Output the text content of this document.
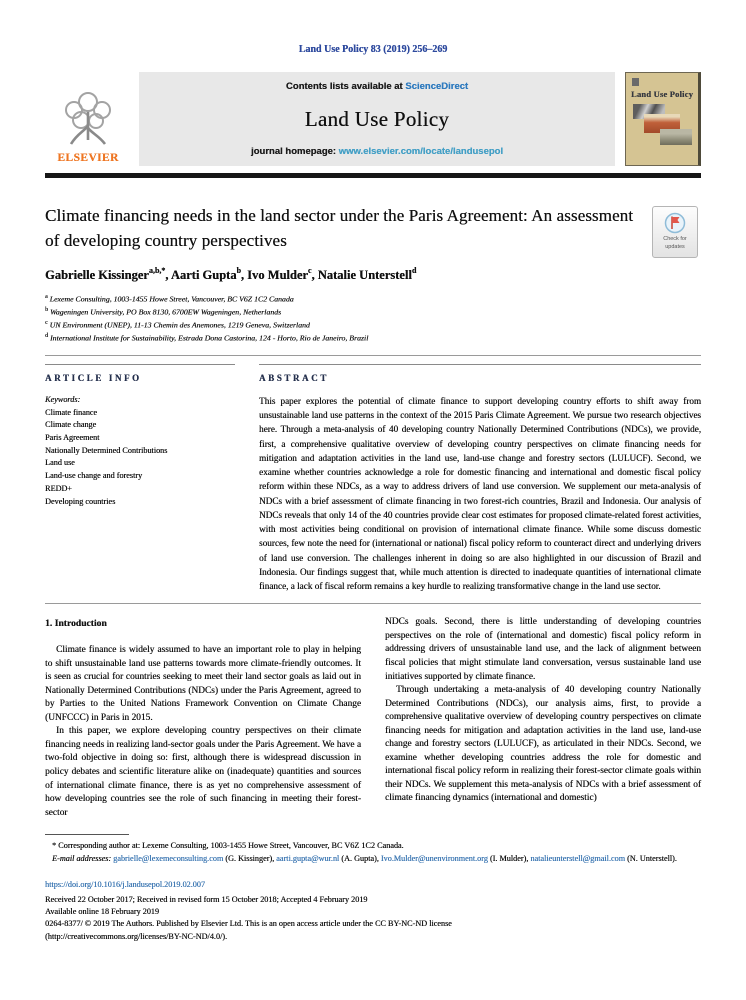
Land Use Policy 83 (2019) 256–269
ELSEVIER
Contents lists available at ScienceDirect
Land Use Policy
journal homepage: www.elsevier.com/locate/landusepol
Land Use Policy
Climate financing needs in the land sector under the Paris Agreement: An assessment of developing country perspectives	Check for updates
Gabrielle Kissinger$^{a,b,*}$, Aarti Gupta$^b$, Ivo Mulder$^c$, Natalie Unterstell$^d$
$^a$ Lexeme Consulting, 1003-1455 Howe Street, Vancouver, BC V6Z 1C2 Canada
$^b$ Wageningen University, PO Box 8130, 6700EW Wageningen, Netherlands
$^c$ UN Environment (UNEP), 11-13 Chemin des Anemones, 1219 Geneva, Switzerland
$^d$ International Institute for Sustainability, Estrada Dona Castorina, 124 - Horto, Rio de Janeiro, Brazil
ARTICLE INFO
Keywords:
Climate finance
Climate change
Paris Agreement
Nationally Determined Contributions
Land use
Land-use change and forestry
REDD+
Developing countries
ABSTRACT

This paper explores the potential of climate finance to support developing country efforts to shift away from unsustainable land use patterns in the context of the 2015 Paris Climate Agreement. We pursue two research objectives here. Through a meta-analysis of 40 developing country Nationally Determined Contributions (NDCs), we provide, first, a comprehensive qualitative overview of developing country perspectives on climate financing needs for mitigation and adaptation activities in the land use, land-use change and forestry sectors (LULUCF). Second, we examine whether countries acknowledge a role for domestic financing and international and domestic fiscal policy reform within these NDCs, as a way to address drivers of land use conversion. We supplement our meta-analysis of NDCs with a brief assessment of climate financing in two forest-rich countries, Brazil and Indonesia. Our analysis of NDCs reveals that only 14 of the 40 countries provide clear cost estimates for proposed climate-related forest activities, with most activities being conditional on provision of international climate finance. While some discuss domestic sources, few note the need for (international or national) fiscal policy reform to counteract direct and underlying drivers of land use conversion. The challenges inherent in doing so are also highlighted in our discussion of Brazil and Indonesia. Our findings suggest that, while much attention is directed to inadequate quantities of international climate finance, a lack of fiscal reform remains a key hurdle to realizing transformative change in the land use sector.

1. Introduction

Climate finance is widely assumed to have an important role to play in helping to shift unsustainable land use patterns towards more climate-friendly outcomes. It is seen as crucial for countries seeking to meet their land sector goals as laid out in Nationally Determined Contributions (NDCs) under the Paris Agreement, agreed to by Parties to the United Nations Framework Convention on Climate Change (UNFCCC) in Paris in 2015.

In this paper, we explore developing country perspectives on their climate financing needs in realizing land-sector goals under the Paris Agreement. We have a two-fold objective in doing so: first, although there is widespread discussion in policy debates and scientific literature alike on (inadequate) quantities and sources of international climate finance, there is as yet no comprehensive assessment of how developing countries see the role of such financing in meeting their forest-sector

NDCs goals. Second, there is little understanding of developing countries perspectives on the role of (international and domestic) fiscal policy reform in addressing drivers of unsustainable land use, and the lack of alignment between fiscal policies that might stimulate land conversation, versus sustainable land use initiatives supported by climate finance.

Through undertaking a meta-analysis of 40 developing country Nationally Determined Contributions (NDCs), our analysis aims, first, to provide a comprehensive qualitative overview of developing country perspectives on climate financing needs for mitigation and adaptation activities in the land use, land-use change and forestry sectors (LULUCF), as articulated in their NDCs. Second, we examine whether developing countries address the role for domestic and international fiscal policy reform in realizing their forest-sector climate goals within their NDCs. We supplement this meta-analysis of NDCs with a brief assessment of climate financing dynamics (international and domestic)

* Corresponding author at: Lexeme Consulting, 1003-1455 Howe Street, Vancouver, BC V6Z 1C2 Canada.

E-mail addresses: gabrielle@lexemeconsulting.com (G. Kissinger), aarti.gupta@wur.nl (A. Gupta), Ivo.Mulder@unenvironment.org (I. Mulder), natalieunterstell@gmail.com (N. Unterstell).

https://doi.org/10.1016/j.landusepol.2019.02.007
Received 22 October 2017; Received in revised form 15 October 2018; Accepted 4 February 2019
Available online 18 February 2019
0264-8377/ © 2019 The Authors. Published by Elsevier Ltd. This is an open access article under the CC BY-NC-ND license
(http://creativecommons.org/licenses/BY-NC-ND/4.0/).
